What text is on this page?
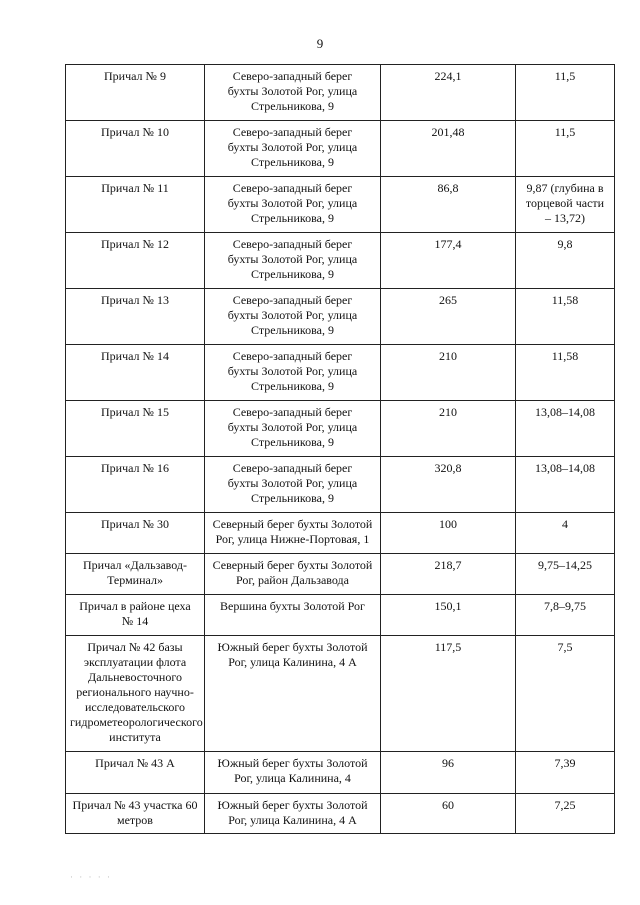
9
Причал № 9	Северо-западный берег бухты Золотой Рог, улица Стрельникова, 9	224,1	11,5

Причал № 10	Северо-западный берег бухты Золотой Рог, улица Стрельникова, 9	201,48	11,5

Причал № 11	Северо-западный берег бухты Золотой Рог, улица Стрельникова, 9	86,8	9,87 (глубина в торцевой части – 13,72)

Причал № 12	Северо-западный берег бухты Золотой Рог, улица Стрельникова, 9	177,4	9,8

Причал № 13	Северо-западный берег бухты Золотой Рог, улица Стрельникова, 9	265	11,58

Причал № 14	Северо-западный берег бухты Золотой Рог, улица Стрельникова, 9	210	11,58

Причал № 15	Северо-западный берег бухты Золотой Рог, улица Стрельникова, 9	210	13,08–14,08

Причал № 16	Северо-западный берег бухты Золотой Рог, улица Стрельникова, 9	320,8	13,08–14,08

Причал № 30	Северный берег бухты Золотой Рог, улица Нижне-Портовая, 1	100	4

Причал «Дальзавод-Терминал»	Северный берег бухты Золотой Рог, район Дальзавода	218,7	9,75–14,25

Причал в районе цеха № 14	Вершина бухты Золотой Рог	150,1	7,8–9,75

Причал № 42 базы эксплуатации флота Дальневосточного регионального научно-исследовательского гидрометеорологического института	Южный берег бухты Золотой Рог, улица Калинина, 4 А	117,5	7,5

Причал № 43 А	Южный берег бухты Золотой Рог, улица Калинина, 4	96	7,39

Причал № 43 участка 60 метров	Южный берег бухты Золотой Рог, улица Калинина, 4 А	60	7,25
· · · · ·
